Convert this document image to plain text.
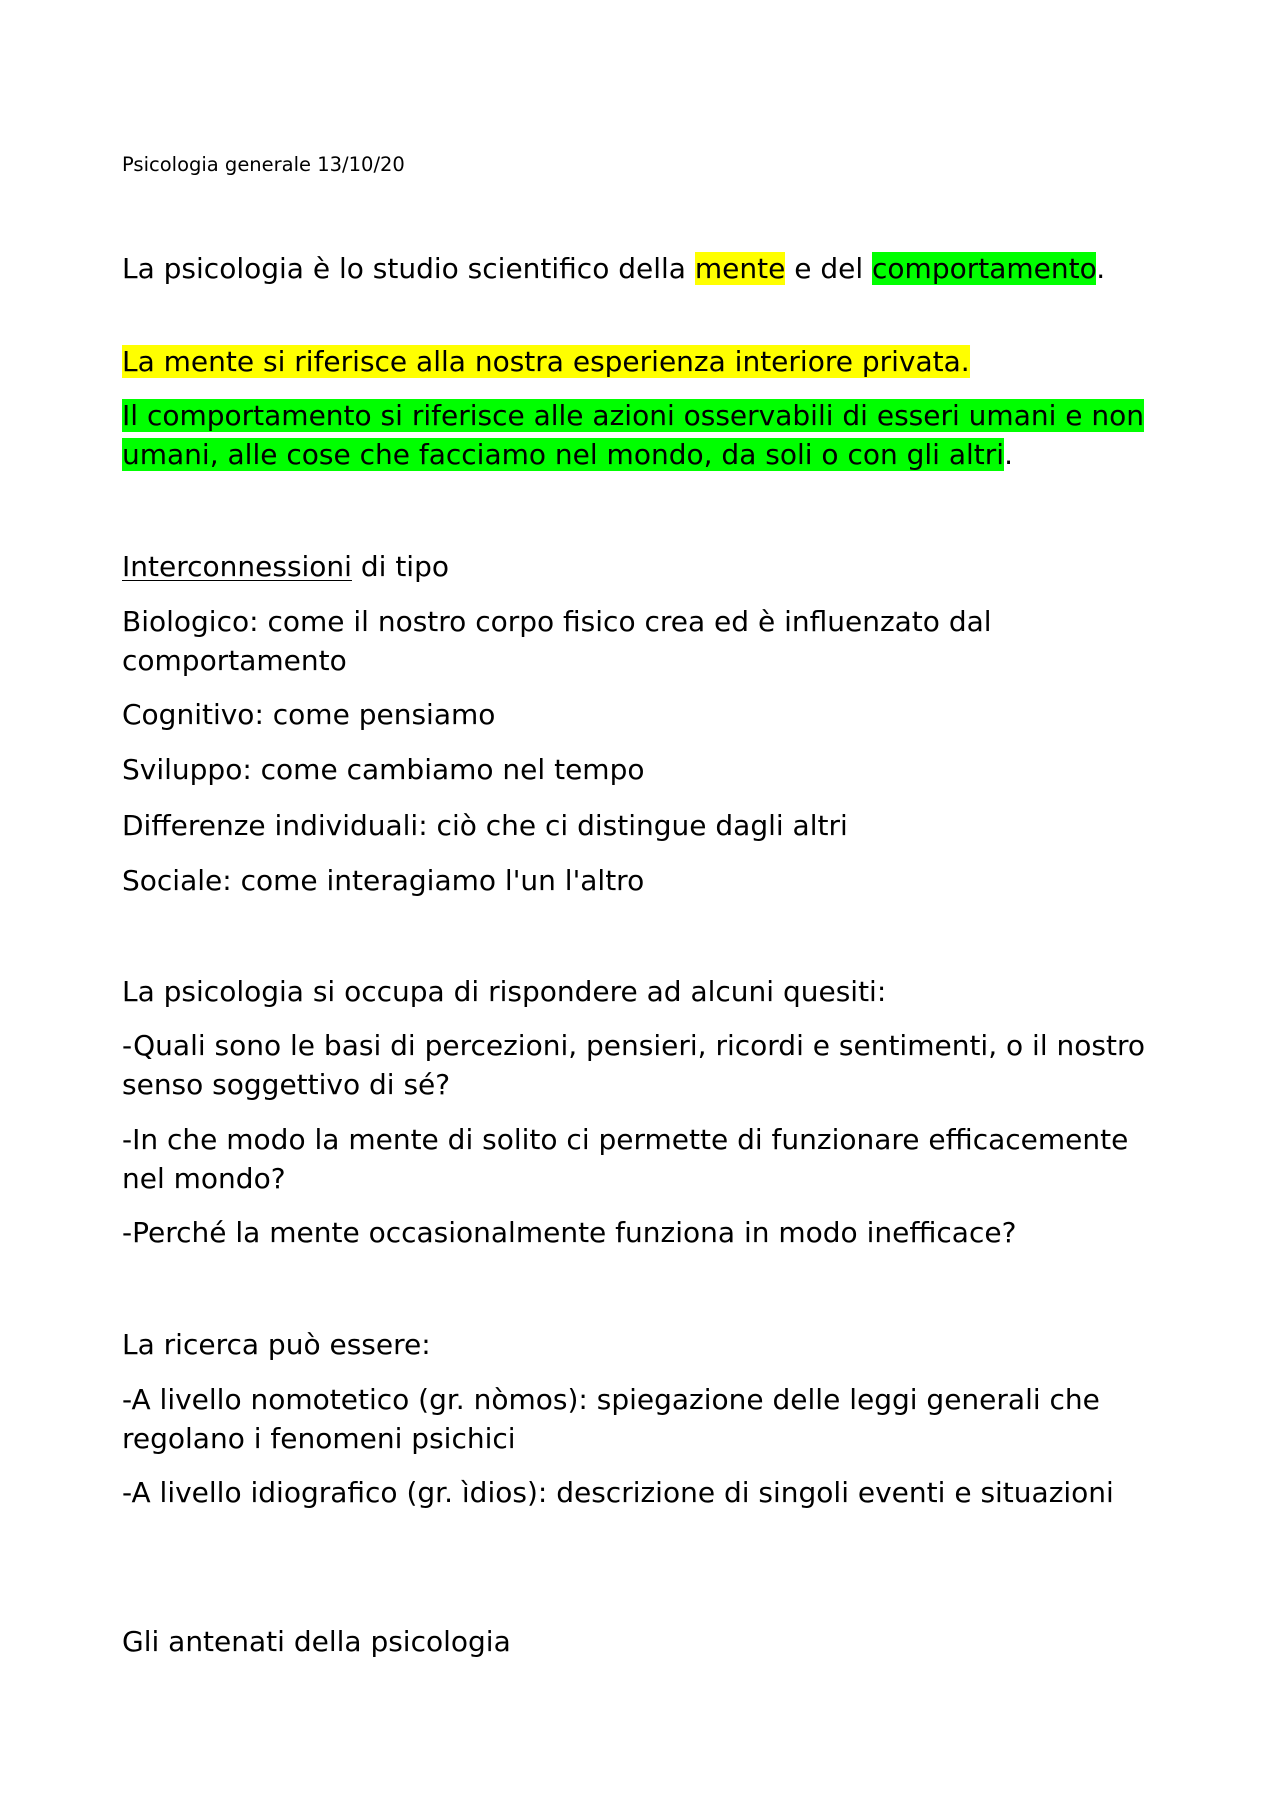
Psicologia generale 13/10/20

La psicologia è lo studio scientifico della mente e del comportamento.

La mente si riferisce alla nostra esperienza interiore privata.

Il comportamento si riferisce alle azioni osservabili di esseri umani e non umani, alle cose che facciamo nel mondo, da soli o con gli altri.

Interconnessioni di tipo

Biologico: come il nostro corpo fisico crea ed è influenzato dal comportamento

Cognitivo: come pensiamo

Sviluppo: come cambiamo nel tempo

Differenze individuali: ciò che ci distingue dagli altri

Sociale: come interagiamo l'un l'altro

La psicologia si occupa di rispondere ad alcuni quesiti:

-Quali sono le basi di percezioni, pensieri, ricordi e sentimenti, o il nostro senso soggettivo di sé?

-In che modo la mente di solito ci permette di funzionare efficacemente nel mondo?

-Perché la mente occasionalmente funziona in modo inefficace?

La ricerca può essere:

-A livello nomotetico (gr. nòmos): spiegazione delle leggi generali che regolano i fenomeni psichici

-A livello idiografico (gr. ìdios): descrizione di singoli eventi e situazioni

Gli antenati della psicologia
